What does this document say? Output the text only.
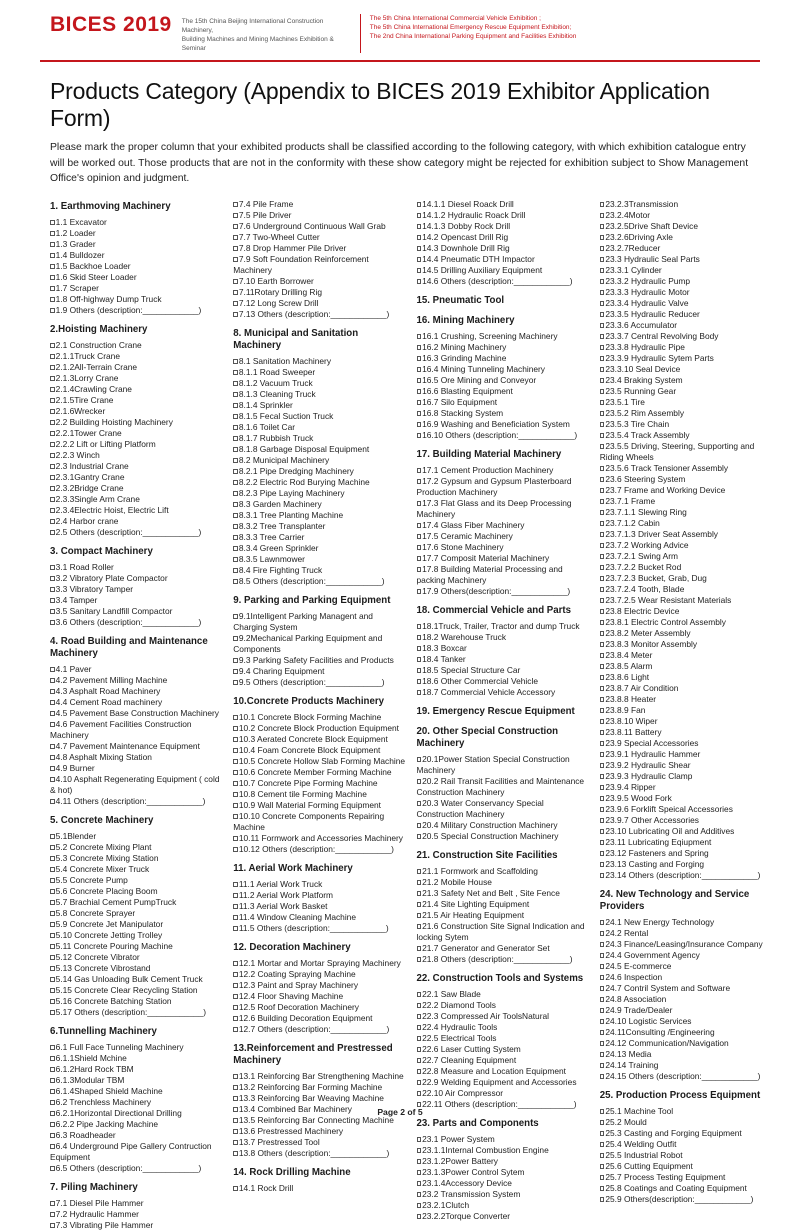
BICES 2019 The 15th China Beijing International Construction Machinery,
Building Machines and Mining Machines Exhibition & Seminar
The 5th China International Commercial Vehicle Exhibition ;
The 5th China International Emergency Rescue Equipment Exhibition;
The 2nd China International Parking Equipment and Facilities Exhibition
Products Category (Appendix to BICES 2019 Exhibitor Application Form)

Please mark the proper column that your exhibited products shall be classified according to the following category, with which exhibition catalogue entry will be worked out. Those products that are not in the conformity with these show category might be rejected for exhibition subject to Show Management Office's opinion and judgment.

1. Earthmoving Machinery
1.1 Excavator
1.2 Loader
1.3 Grader
1.4 Bulldozer
1.5 Backhoe Loader
1.6 Skid Steer Loader
1.7 Scraper
1.8 Off-highway Dump Truck
1.9 Others (description:____________)
2.Hoisting Machinery
2.1 Construction Crane
2.1.1Truck Crane
2.1.2All-Terrain Crane
2.1.3Lorry Crane
2.1.4Crawling Crane
2.1.5Tire Crane
2.1.6Wrecker
2.2 Building Hoisting Machinery
2.2.1Tower Crane
2.2.2 Lift or Lifting Platform
2.2.3 Winch
2.3 Industrial Crane
2.3.1Gantry Crane
2.3.2Bridge Crane
2.3.3Single Arm Crane
2.3.4Electric Hoist, Electric Lift
2.4 Harbor crane
2.5 Others (description:____________)
3. Compact Machinery
3.1 Road Roller
3.2 Vibratory Plate Compactor
3.3 Vibratory Tamper
3.4 Tamper
3.5 Sanitary Landfill Compactor
3.6 Others (description:____________)
4. Road Building and Maintenance Machinery
4.1 Paver
4.2 Pavement Milling Machine
4.3 Asphalt Road Machinery
4.4 Cement Road machinery
4.5 Pavement Base Construction Machinery
4.6 Pavement Facilities Construction Machinery
4.7 Pavement Maintenance Equipment
4.8 Asphalt Mixing Station
4.9 Burner
4.10 Asphalt Regenerating Equipment ( cold & hot)
4.11 Others (description:____________)
5. Concrete Machinery
5.1Blender
5.2 Concrete Mixing Plant
5.3 Concrete Mixing Station
5.4 Concrete Mixer Truck
5.5 Concrete Pump
5.6 Concrete Placing Boom
5.7 Brachial Cement PumpTruck
5.8 Concrete Sprayer
5.9 Concrete Jet Manipulator
5.10 Concrete Jetting Trolley
5.11 Concrete Pouring Machine
5.12 Concrete Vibrator
5.13 Concrete Vibrostand
5.14 Gas Unloading Bulk Cement Truck
5.15 Concrete Clear Recycling Station
5.16 Concrete Batching Station
5.17 Others (description:____________)
6.Tunnelling Machinery
6.1 Full Face Tunneling Machinery
6.1.1Shield Mchine
6.1.2Hard Rock TBM
6.1.3Modular TBM
6.1.4Shaped Shield Machine
6.2 Trenchless Machinery
6.2.1Horizontal Directional Drilling
6.2.2 Pipe Jacking Machine
6.3 Roadheader
6.4 Underground Pipe Gallery Contruction Equipment
6.5 Others (description:____________)
7. Piling Machinery
7.1 Diesel Pile Hammer
7.2 Hydraulic Hammer
7.3 Vibrating Pile Hammer
7.4 Pile Frame
7.5 Pile Driver
7.6 Underground Continuous Wall Grab
7.7 Two-Wheel Cutter
7.8 Drop Hammer Pile Driver
7.9 Soft Foundation Reinforcement Machinery
7.10 Earth Borrower
7.11Rotary Drilling Rig
7.12 Long Screw Drill
7.13 Others (description:____________)
8. Municipal and Sanitation Machinery
8.1 Sanitation Machinery
8.1.1 Road Sweeper
8.1.2 Vacuum Truck
8.1.3 Cleaning Truck
8.1.4 Sprinkler
8.1.5 Fecal Suction Truck
8.1.6 Toilet Car
8.1.7 Rubbish Truck
8.1.8 Garbage Disposal Equipment
8.2 Municipal Machinery
8.2.1 Pipe Dredging Machinery
8.2.2 Electric Rod Burying Machine
8.2.3 Pipe Laying Machinery
8.3 Garden Machinery
8.3.1 Tree Planting Machine
8.3.2 Tree Transplanter
8.3.3 Tree Carrier
8.3.4 Green Sprinkler
8.3.5 Lawnmower
8.4 Fire Fighting Truck
8.5 Others (description:____________)
9. Parking and Parking Equipment
9.1Intelligent Parking Managent and Charging System
9.2Mechanical Parking Equipment and Components
9.3 Parking Safety Facilities and Products
9.4 Charing Equipment
9.5 Others (description:____________)
10.Concrete Products Machinery
10.1 Concrete Block Forming Machine
10.2 Concrete Block Production Equipment
10.3 Aerated Concrete Block Equipment
10.4 Foam Concrete Block Equipment
10.5 Concrete Hollow Slab Forming Machine
10.6 Concrete Member Forming Machine
10.7 Concrete Pipe Forming Machine
10.8 Cement tile Forming Machine
10.9 Wall Material Forming Equipment
10.10 Concrete Components Repairing Machine
10.11 Formwork and Accessories Machinery
10.12 Others (description:____________)
11. Aerial Work Machinery
11.1 Aerial Work Truck
11.2 Aerial Work Platform
11.3 Aerial Work Basket
11.4 Window Cleaning Machine
11.5 Others (description:____________)
12. Decoration Machinery
12.1 Mortar and Mortar Spraying Machinery
12.2 Coating Spraying Machine
12.3 Paint and Spray Machinery
12.4 Floor Shaving Machine
12.5 Roof Decoration Machinery
12.6 Building Decoration Equipment
12.7 Others (description:____________)
13.Reinforcement and Prestressed Machinery
13.1 Reinforcing Bar Strengthening Machine
13.2 Reinforcing Bar Forming Machine
13.3 Reinforcing Bar Weaving Machine
13.4 Combined Bar Machinery
13.5 Reinforcing Bar Connecting Machine
13.6 Prestressed Machinery
13.7 Prestressed Tool
13.8 Others (description:____________)
14. Rock Drilling Machine
14.1 Rock Drill
14.1.1 Diesel Roack Drill
14.1.2 Hydraulic Roack Drill
14.1.3 Dobby Rock Drill
14.2 Opencast Drill Rig
14.3 Downhole Drill Rig
14.4 Pneumatic DTH Impactor
14.5 Drilling Auxiliary Equipment
14.6 Others (description:____________)
15. Pneumatic Tool
16. Mining Machinery
16.1 Crushing, Screening Machinery
16.2 Mining Machinery
16.3 Grinding Machine
16.4 Mining Tunneling Machinery
16.5 Ore Mining and Conveyor
16.6 Blasting Equipment
16.7 Silo Equipment
16.8 Stacking System
16.9 Washing and Beneficiation System
16.10 Others (description:____________)
17. Building Material Machinery
17.1 Cement Production Machinery
17.2 Gypsum and Gypsum Plasterboard Production Machinery
17.3 Flat Glass and its Deep Processing Machinery
17.4 Glass Fiber Machinery
17.5 Ceramic Machinery
17.6 Stone Machinery
17.7 Composit Material Machinery
17.8 Building Material Processing and packing Machinery
17.9 Others(description:____________)
18. Commercial Vehicle and Parts
18.1Truck, Trailer, Tractor and dump Truck
18.2 Warehouse Truck
18.3 Boxcar
18.4 Tanker
18.5 Special Structure Car
18.6 Other Commercial Vehicle
18.7 Commercial Vehicle Accessory
19. Emergency Rescue Equipment
20. Other Special Construction Machinery
20.1Power Station Special Construction Machinery
20.2 Rail Transit Facilities and Maintenance Construction Machinery
20.3 Water Conservancy Special Construction Machinery
20.4 Military Construction Machinery
20.5 Special Construction Machinery
21. Construction Site Facilities
21.1 Formwork and Scaffolding
21.2 Mobile House
21.3 Safety Net and Belt , Site Fence
21.4 Site Lighting Equipment
21.5 Air Heating Equipment
21.6 Construction Site Signal Indication and locking Sytem
21.7 Generator and Generator Set
21.8 Others (description:____________)
22. Construction Tools and Systems
22.1 Saw Blade
22.2 Diamond Tools
22.3 Compressed Air ToolsNatural
22.4 Hydraulic Tools
22.5 Electrical Tools
22.6 Laser Cutting System
22.7 Cleaning Equipment
22.8 Measure and Location Equipment
22.9 Welding Equipment and Accessories
22.10 Air Compressor
22.11 Others (description:____________)
23. Parts and Components
23.1 Power System
23.1.1Internal Combustion Engine
23.1.2Power Battery
23.1.3Power Control Sytem
23.1.4Accessory Device
23.2 Transmission System
23.2.1Clutch
23.2.2Torque Converter
23.2.3Transmission
23.2.4Motor
23.2.5Drive Shaft Device
23.2.6Driving Axle
23.2.7Reducer
23.3 Hydraulic Seal Parts
23.3.1 Cylinder
23.3.2 Hydraulic Pump
23.3.3 Hydraulic Motor
23.3.4 Hydraulic Valve
23.3.5 Hydraulic Reducer
23.3.6 Accumulator
23.3.7 Central Revolving Body
23.3.8 Hydraulic Pipe
23.3.9 Hydraulic Sytem Parts
23.3.10 Seal Device
23.4 Braking System
23.5 Running Gear
23.5.1 Tire
23.5.2 Rim Assembly
23.5.3 Tire Chain
23.5.4 Track Assembly
23.5.5 Driving, Steering, Supporting and Riding Wheels
23.5.6 Track Tensioner Assembly
23.6 Steering System
23.7 Frame and Working Device
23.7.1 Frame
23.7.1.1 Slewing Ring
23.7.1.2 Cabin
23.7.1.3 Driver Seat Assembly
23.7.2 Working Advice
23.7.2.1 Swing Arm
23.7.2.2 Bucket Rod
23.7.2.3 Bucket, Grab, Dug
23.7.2.4 Tooth, Blade
23.7.2.5 Wear Resistant Materials
23.8 Electric Device
23.8.1 Electric Control Assembly
23.8.2 Meter Assembly
23.8.3 Monitor Assembly
23.8.4 Meter
23.8.5 Alarm
23.8.6 Light
23.8.7 Air Condition
23.8.8 Heater
23.8.9 Fan
23.8.10 Wiper
23.8.11 Battery
23.9 Special Accessories
23.9.1 Hydraulic Hammer
23.9.2 Hydraulic Shear
23.9.3 Hydraulic Clamp
23.9.4 Ripper
23.9.5 Wood Fork
23.9.6 Forklift Speical Accessories
23.9.7 Other Accessories
23.10 Lubricating Oil and Additives
23.11 Lubricating Eqiupment
23.12 Fasteners and Spring
23.13 Casting and Forging
23.14 Others (description:____________)
24. New Technology and Service Providers
24.1 New Energy Technology
24.2 Rental
24.3 Finance/Leasing/Insurance Company
24.4 Government Agency
24.5 E-commerce
24.6 Inspection
24.7 Contril System and Software
24.8 Association
24.9 Trade/Dealer
24.10 Logistic Services
24.11Consulting /Engineering
24.12 Communication/Navigation
24.13 Media
24.14 Training
24.15 Others (description:____________)
25. Production Process Equipment
25.1 Machine Tool
25.2 Mould
25.3 Casting and Forging Equipment
25.4 Welding Outfit
25.5 Industrial Robot
25.6 Cutting Equipment
25.7 Process Testing Equipment
25.8 Coatings and Coating Equipment
25.9 Others(description:____________)
Page 2 of 5
